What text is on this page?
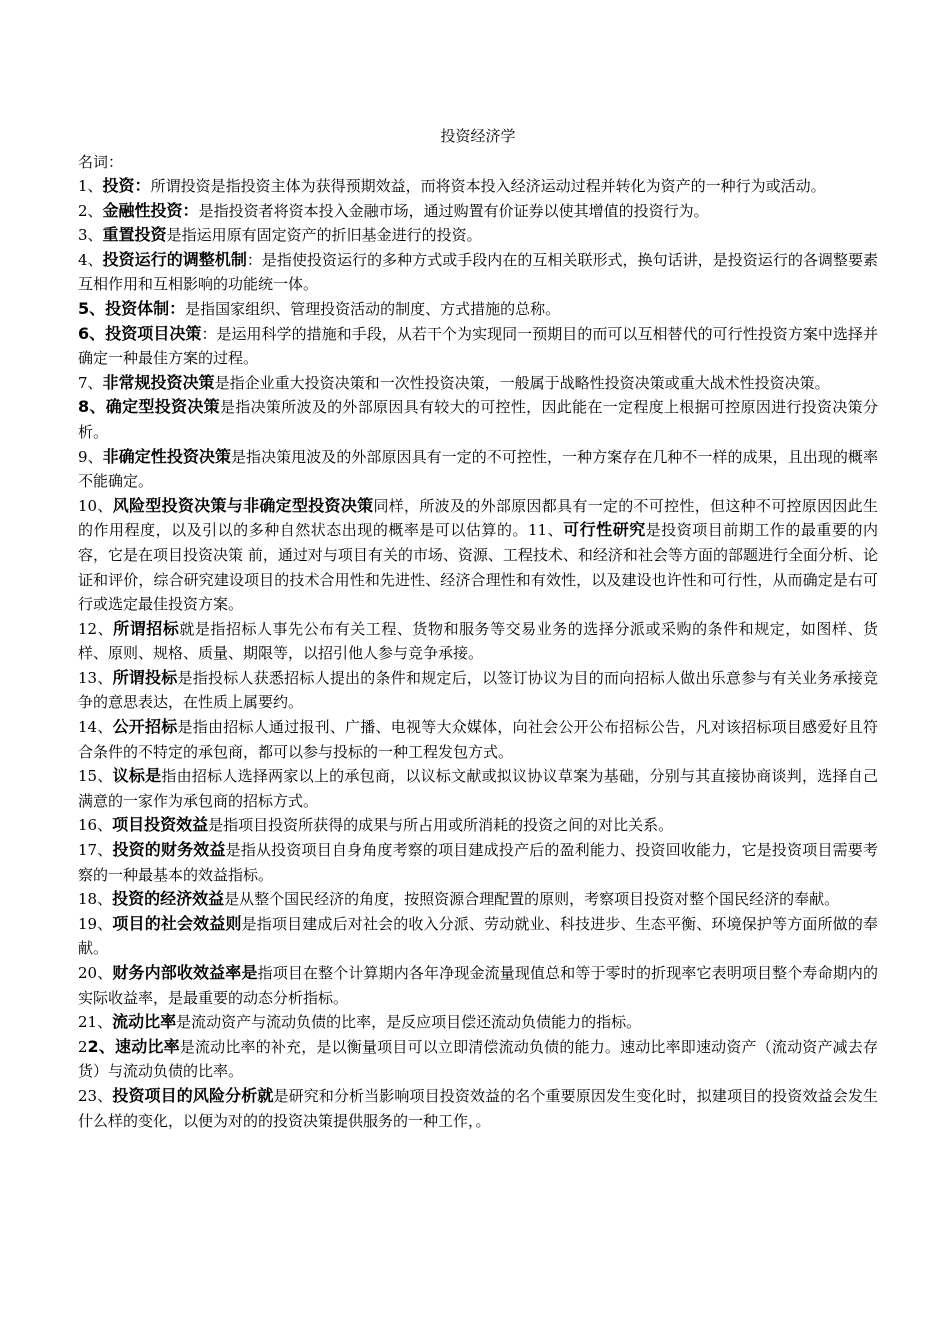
投资经济学
名词：

1、投资：所谓投资是指投资主体为获得预期效益，而将资本投入经济运动过程并转化为资产的一种行为或活动。

2、金融性投资：是指投资者将资本投入金融市场，通过购置有价证券以使其增值的投资行为。

3、重置投资是指运用原有固定资产的折旧基金进行的投资。

4、投资运行的调整机制：是指使投资运行的多种方式或手段内在的互相关联形式，换句话讲，是投资运行的各调整要素互相作用和互相影响的功能统一体。

5、投资体制：是指国家组织、管理投资活动的制度、方式措施的总称。

6、投资项目决策：是运用科学的措施和手段，从若干个为实现同一预期目的而可以互相替代的可行性投资方案中选择并确定一种最佳方案的过程。

7、非常规投资决策是指企业重大投资决策和一次性投资决策，一般属于战略性投资决策或重大战术性投资决策。

8、确定型投资决策是指决策所波及的外部原因具有较大的可控性，因此能在一定程度上根据可控原因进行投资决策分析。

9、非确定性投资决策是指决策甩波及的外部原因具有一定的不可控性，一种方案存在几种不一样的成果，且出现的概率不能确定。

10、风险型投资决策与非确定型投资决策同样，所波及的外部原因都具有一定的不可控性，但这种不可控原因因此生的作用程度，以及引以的多种自然状态出现的概率是可以估算的。11、可行性研究是投资项目前期工作的最重要的内容，它是在项目投资决策 前，通过对与项目有关的市场、资源、工程技术、和经济和社会等方面的部题进行全面分析、论证和评价，综合研究建设项目的技术合用性和先进性、经济合理性和有效性，以及建设也许性和可行性，从而确定是右可行或选定最佳投资方案。

12、所谓招标就是指招标人事先公布有关工程、货物和服务等交易业务的选择分派或采购的条件和规定，如图样、货样、原则、规格、质量、期限等，以招引他人参与竞争承接。

13、所谓投标是指投标人获悉招标人提出的条件和规定后，以签订协议为目的而向招标人做出乐意参与有关业务承接竞争的意思表达，在性质上属要约。

14、公开招标是指由招标人通过报刊、广播、电视等大众媒体，向社会公开公布招标公告，凡对该招标项目感爱好且符合条件的不特定的承包商，都可以参与投标的一种工程发包方式。

15、议标是指由招标人选择两家以上的承包商，以议标文献或拟议协议草案为基础，分别与其直接协商谈判，选择自己满意的一家作为承包商的招标方式。

16、项目投资效益是指项目投资所获得的成果与所占用或所消耗的投资之间的对比关系。

17、投资的财务效益是指从投资项目自身角度考察的项目建成投产后的盈利能力、投资回收能力，它是投资项目需要考察的一种最基本的效益指标。

18、投资的经济效益是从整个国民经济的角度，按照资源合理配置的原则，考察项目投资对整个国民经济的奉献。

19、项目的社会效益则是指项目建成后对社会的收入分派、劳动就业、科技进步、生态平衡、环境保护等方面所做的奉献。

20、财务内部收效益率是指项目在整个计算期内各年净现金流量现值总和等于零时的折现率它表明项目整个寿命期内的实际收益率，是最重要的动态分析指标。

21、流动比率是流动资产与流动负债的比率，是反应项目偿还流动负债能力的指标。

22、速动比率是流动比率的补充，是以衡量项目可以立即清偿流动负债的能力。速动比率即速动资产（流动资产减去存货）与流动负债的比率。

23、投资项目的风险分析就是研究和分析当影响项目投资效益的名个重要原因发生变化时，拟建项目的投资效益会发生什么样的变化，以便为对的的投资决策提供服务的一种工作，。
